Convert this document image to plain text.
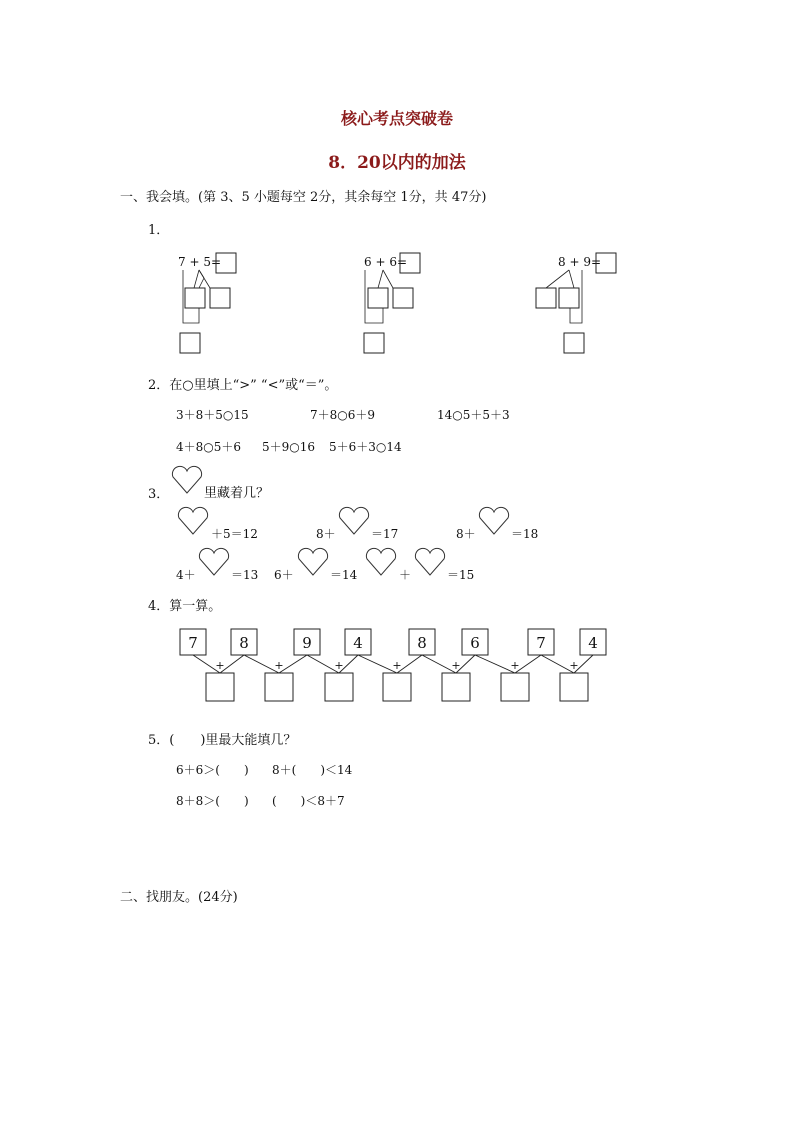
核心考点突破卷
8．20以内的加法
一、我会填。(第 3、5 小题每空 2分，其余每空 1分，共 47分)
1．
7 + 5=	6 + 6=	8 + 9=
2．在○里填上“>” “<”或“＝”。
3＋8＋5○15	7＋8○6＋9	14○5＋5＋3
4＋8○5＋6 5＋9○16 5＋6＋3○14
3．	里藏着几？
＋5＝12	8＋	＝17	8＋	＝18
4＋	＝13 6＋	＝14	＋	＝15
4．算一算。
7	8	9	4	8	6	7	4
+	+	+	+	+	+	+
5．(　　)里最大能填几？
6＋6＞(　　) 8＋(　　)＜14
8＋8＞(　　) (　　)＜8＋7
二、找朋友。(24分)
